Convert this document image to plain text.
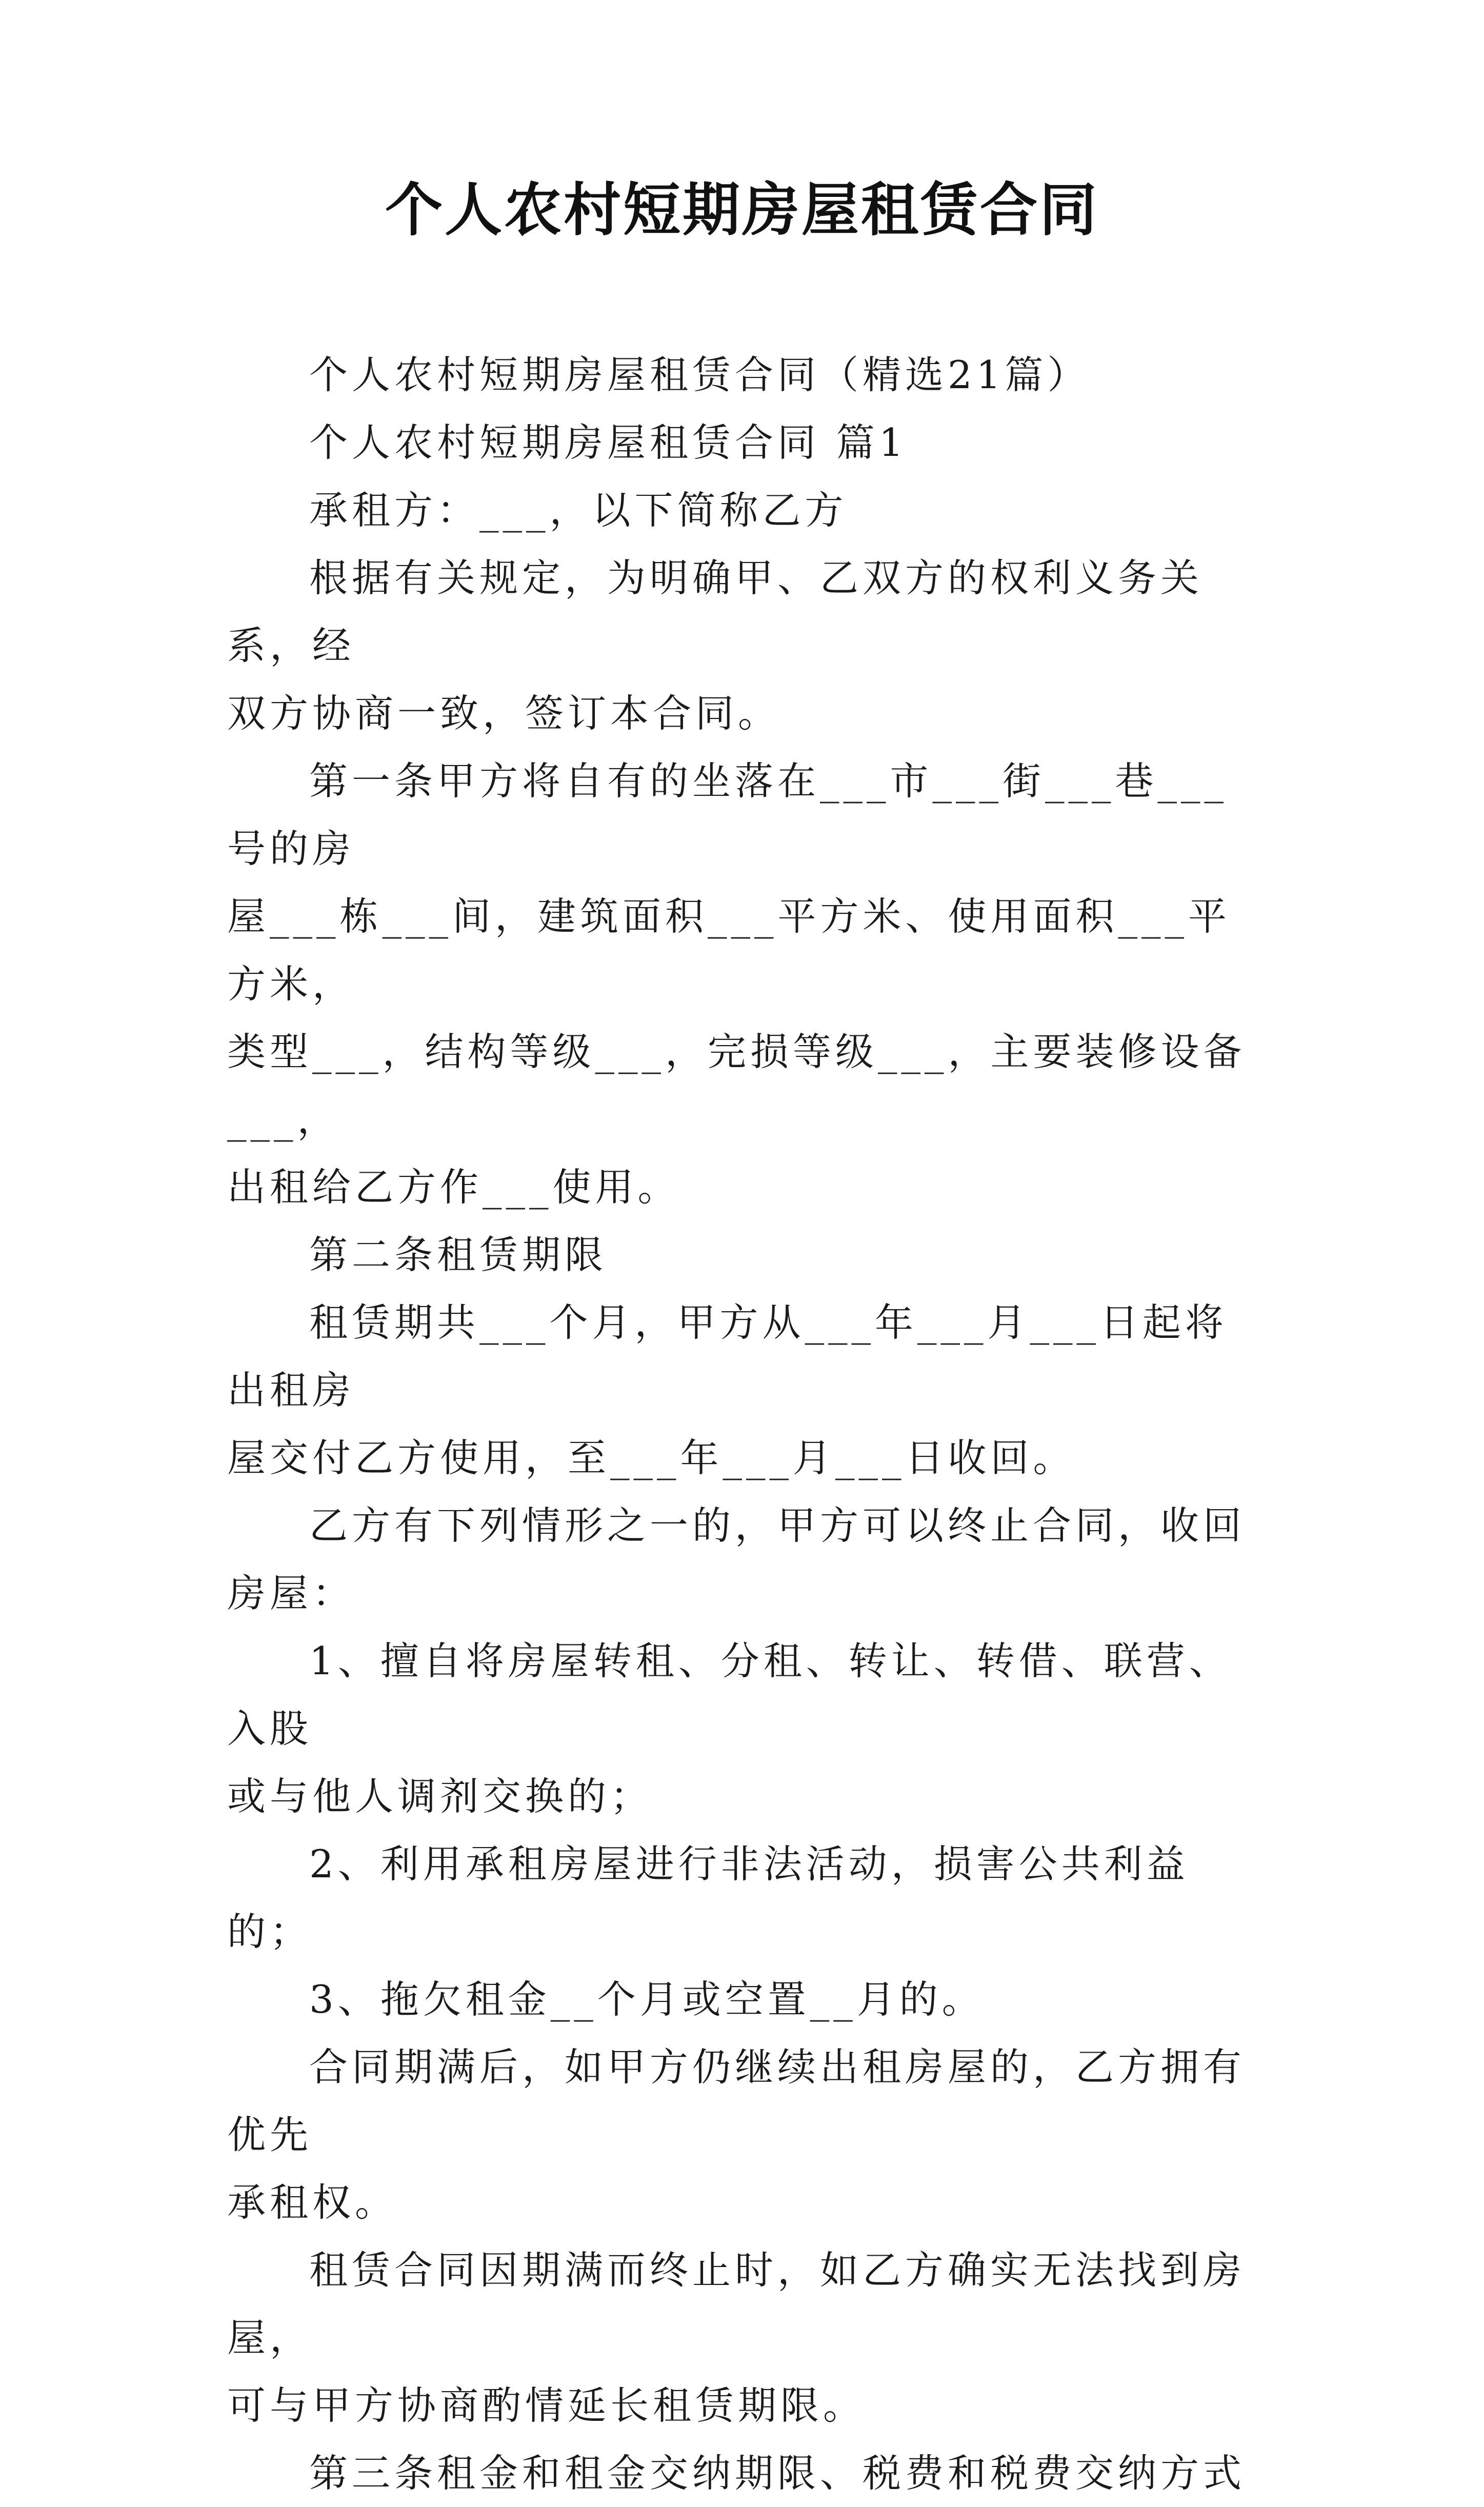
个人农村短期房屋租赁合同

个人农村短期房屋租赁合同（精选21篇）

个人农村短期房屋租赁合同 篇1

承租方：___，以下简称乙方

根据有关规定，为明确甲、乙双方的权利义务关系，经
双方协商一致，签订本合同。

第一条甲方将自有的坐落在___市___街___巷___号的房
屋___栋___间，建筑面积___平方米、使用面积___平方米，
类型___，结构等级___，完损等级___，主要装修设备___，
出租给乙方作___使用。

第二条租赁期限

租赁期共___个月，甲方从___年___月___日起将出租房
屋交付乙方使用，至___年___月___日收回。

乙方有下列情形之一的，甲方可以终止合同，收回房屋：

1、擅自将房屋转租、分租、转让、转借、联营、入股
或与他人调剂交换的；

2、利用承租房屋进行非法活动，损害公共利益的；

3、拖欠租金__个月或空置__月的。

合同期满后，如甲方仍继续出租房屋的，乙方拥有优先
承租权。

租赁合同因期满而终止时，如乙方确实无法找到房屋，
可与甲方协商酌情延长租赁期限。

第三条租金和租金交纳期限、税费和税费交纳方式
